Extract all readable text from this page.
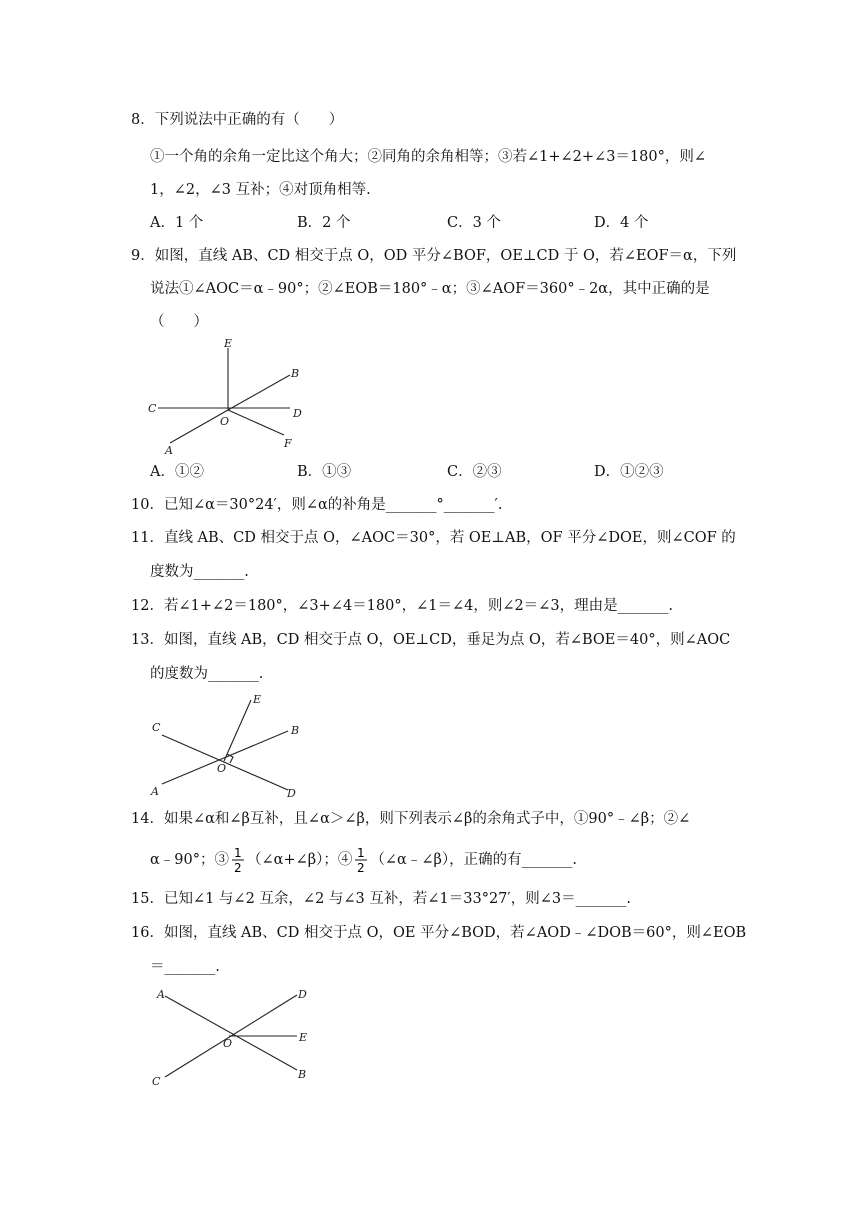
8．下列说法中正确的有（　　）
①一个角的余角一定比这个角大；②同角的余角相等；③若∠1+∠2+∠3＝180°，则∠
1，∠2，∠3 互补；④对顶角相等.
A．1 个	B．2 个	C．3 个	D．4 个
9．如图，直线 AB、CD 相交于点 O，OD 平分∠BOF，OE⊥CD 于 O，若∠EOF＝α，下列
说法①∠AOC＝α﹣90°；②∠EOB＝180°﹣α；③∠AOF＝360°﹣2α，其中正确的是
（　　）
E
B
C	D
O
A
F
A．①②	B．①③	C．②③	D．①②③
10．已知∠α＝30°24′，则∠α的补角是_______°_______′.
11．直线 AB、CD 相交于点 O，∠AOC＝30°，若 OE⊥AB，OF 平分∠DOE，则∠COF 的
度数为_______.
12．若∠1+∠2＝180°，∠3+∠4＝180°，∠1＝∠4，则∠2＝∠3，理由是_______.
13．如图，直线 AB，CD 相交于点 O，OE⊥CD，垂足为点 O，若∠BOE＝40°，则∠AOC
的度数为_______.
E
C	B
O
A	D
14．如果∠α和∠β互补，且∠α＞∠β，则下列表示∠β的余角式子中，①90°﹣∠β；②∠
α﹣90°；③ 1
2 （∠α+∠β）；④ 1
2 （∠α﹣∠β），正确的有_______.
15．已知∠1 与∠2 互余，∠2 与∠3 互补，若∠1＝33°27′，则∠3＝_______.
16．如图，直线 AB、CD 相交于点 O，OE 平分∠BOD，若∠AOD﹣∠DOB＝60°，则∠EOB
＝_______.
A	D
O	E
C
B
